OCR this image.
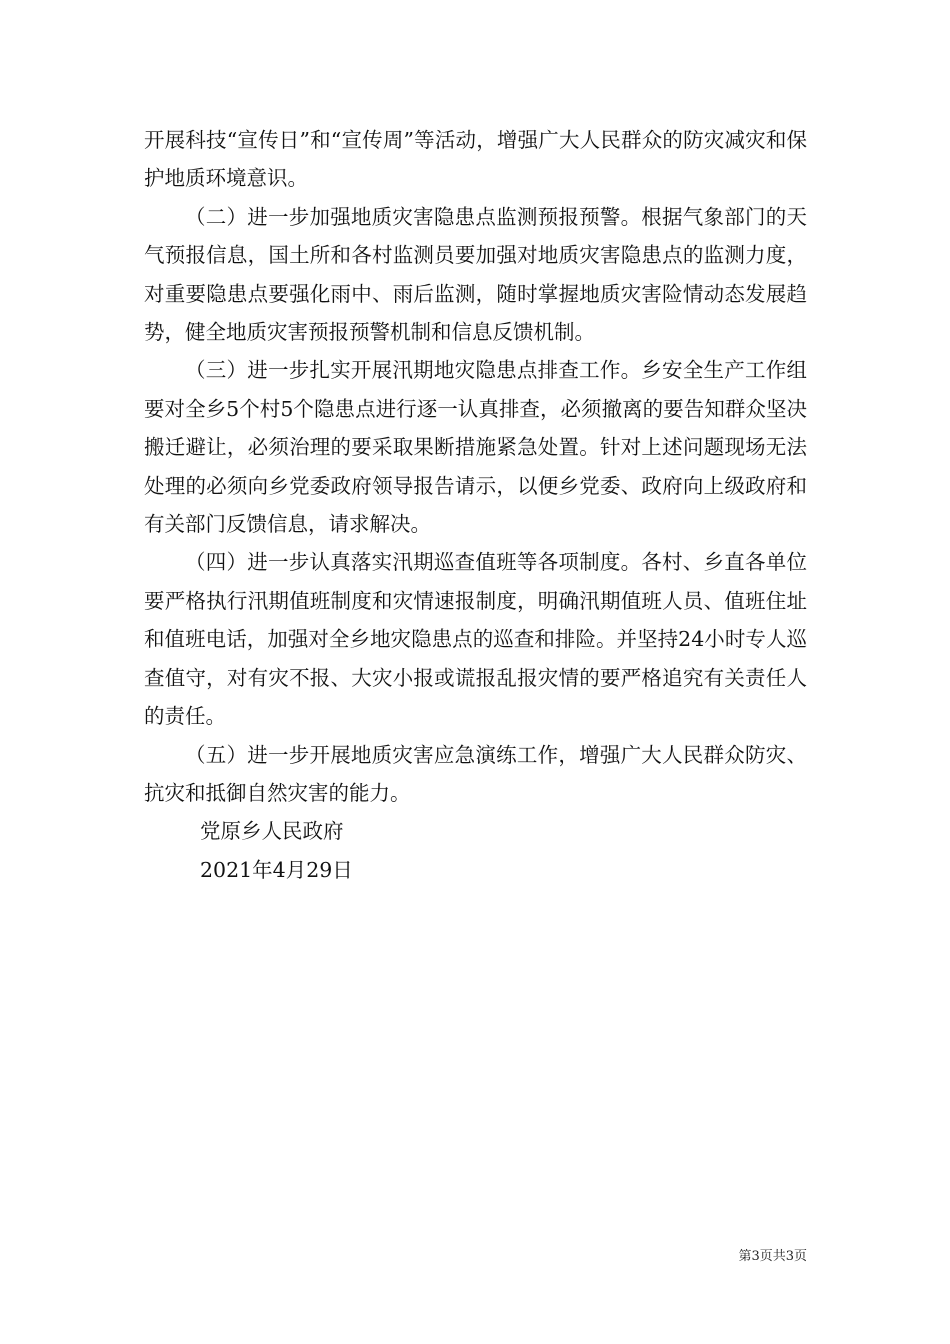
开展科技“宣传日”和“宣传周”等活动，增强广大人民群众的防灾减灾和保护地质环境意识。

（二）进一步加强地质灾害隐患点监测预报预警。根据气象部门的天气预报信息，国土所和各村监测员要加强对地质灾害隐患点的监测力度，对重要隐患点要强化雨中、雨后监测，随时掌握地质灾害险情动态发展趋势，健全地质灾害预报预警机制和信息反馈机制。

（三）进一步扎实开展汛期地灾隐患点排查工作。乡安全生产工作组要对全乡5个村5个隐患点进行逐一认真排查，必须撤离的要告知群众坚决搬迁避让，必须治理的要采取果断措施紧急处置。针对上述问题现场无法处理的必须向乡党委政府领导报告请示，以便乡党委、政府向上级政府和有关部门反馈信息，请求解决。

（四）进一步认真落实汛期巡查值班等各项制度。各村、乡直各单位要严格执行汛期值班制度和灾情速报制度，明确汛期值班人员、值班住址和值班电话，加强对全乡地灾隐患点的巡查和排险。并坚持24小时专人巡查值守，对有灾不报、大灾小报或谎报乱报灾情的要严格追究有关责任人的责任。

（五）进一步开展地质灾害应急演练工作，增强广大人民群众防灾、抗灾和抵御自然灾害的能力。

党原乡人民政府

2021年4月29日

第3页共3页
